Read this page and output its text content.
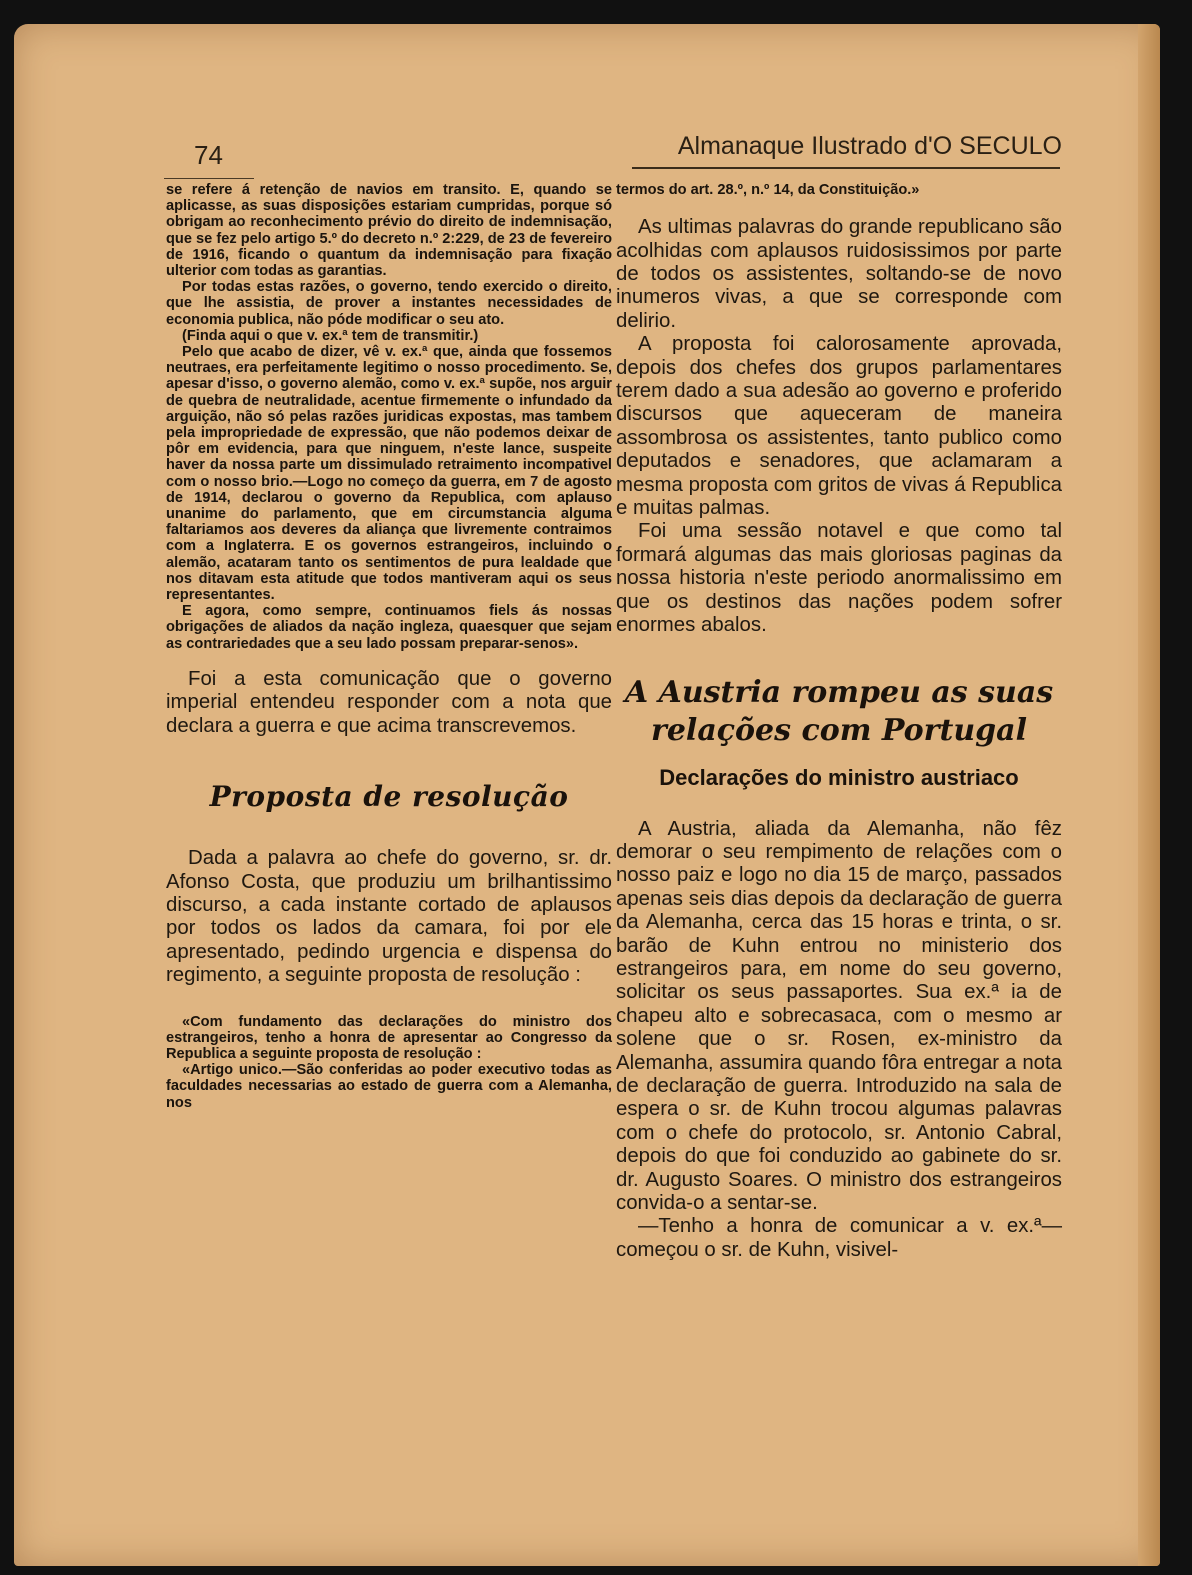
74	Almanaque Ilustrado d'O SECULO

se refere á retenção de navios em transito. E, quando se aplicasse, as suas disposições estariam cumpridas, porque só obrigam ao reconhecimento prévio do direito de indemnisação, que se fez pelo artigo 5.º do decreto n.º 2:229, de 23 de fevereiro de 1916, ficando o quantum da indemnisação para fixação ulterior com todas as garantias.

Por todas estas razões, o governo, tendo exercido o direito, que lhe assistia, de prover a instantes necessidades de economia publica, não póde modificar o seu ato.

(Finda aqui o que v. ex.ª tem de transmitir.)

Pelo que acabo de dizer, vê v. ex.ª que, ainda que fossemos neutraes, era perfeitamente legitimo o nosso procedimento. Se, apesar d'isso, o governo alemão, como v. ex.ª supõe, nos arguir de quebra de neutralidade, acentue firmemente o infundado da arguição, não só pelas razões juridicas expostas, mas tambem pela impropriedade de expressão, que não podemos deixar de pôr em evidencia, para que ninguem, n'este lance, suspeite haver da nossa parte um dissimulado retraimento incompativel com o nosso brio.—Logo no começo da guerra, em 7 de agosto de 1914, declarou o governo da Republica, com aplauso unanime do parlamento, que em circumstancia alguma faltariamos aos deveres da aliança que livremente contraimos com a Inglaterra. E os governos estrangeiros, incluindo o alemão, acataram tanto os sentimentos de pura lealdade que nos ditavam esta atitude que todos mantiveram aqui os seus representantes.

E agora, como sempre, continuamos fiels ás nossas obrigações de aliados da nação ingleza, quaesquer que sejam as contrariedades que a seu lado possam preparar-senos».

Foi a esta comunicação que o governo imperial entendeu responder com a nota que declara a guerra e que acima transcrevemos.

Proposta de resolução

Dada a palavra ao chefe do governo, sr. dr. Afonso Costa, que produziu um brilhantissimo discurso, a cada instante cortado de aplausos por todos os lados da camara, foi por ele apresentado, pedindo urgencia e dispensa do regimento, a seguinte proposta de resolução :

«Com fundamento das declarações do ministro dos estrangeiros, tenho a honra de apresentar ao Congresso da Republica a seguinte proposta de resolução :

«Artigo unico.—São conferidas ao poder executivo todas as faculdades necessarias ao estado de guerra com a Alemanha, nos

termos do art. 28.º, n.º 14, da Constituição.»

As ultimas palavras do grande republicano são acolhidas com aplausos ruidosissimos por parte de todos os assistentes, soltando-se de novo inumeros vivas, a que se corresponde com delirio.

A proposta foi calorosamente aprovada, depois dos chefes dos grupos parlamentares terem dado a sua adesão ao governo e proferido discursos que aqueceram de maneira assombrosa os assistentes, tanto publico como deputados e senadores, que aclamaram a mesma proposta com gritos de vivas á Republica e muitas palmas.

Foi uma sessão notavel e que como tal formará algumas das mais gloriosas paginas da nossa historia n'este periodo anormalissimo em que os destinos das nações podem sofrer enormes abalos.

A Austria rompeu as suas
relações com Portugal
Declarações do ministro austriaco

A Austria, aliada da Alemanha, não fêz demorar o seu rempimento de relações com o nosso paiz e logo no dia 15 de março, passados apenas seis dias depois da declaração de guerra da Alemanha, cerca das 15 horas e trinta, o sr. barão de Kuhn entrou no ministerio dos estrangeiros para, em nome do seu governo, solicitar os seus passaportes. Sua ex.ª ia de chapeu alto e sobrecasaca, com o mesmo ar solene que o sr. Rosen, ex-ministro da Alemanha, assumira quando fôra entregar a nota de declaração de guerra. Introduzido na sala de espera o sr. de Kuhn trocou algumas palavras com o chefe do protocolo, sr. Antonio Cabral, depois do que foi conduzido ao gabinete do sr. dr. Augusto Soares. O ministro dos estrangeiros convida-o a sentar-se.

—Tenho a honra de comunicar a v. ex.ª—começou o sr. de Kuhn, visivel-
